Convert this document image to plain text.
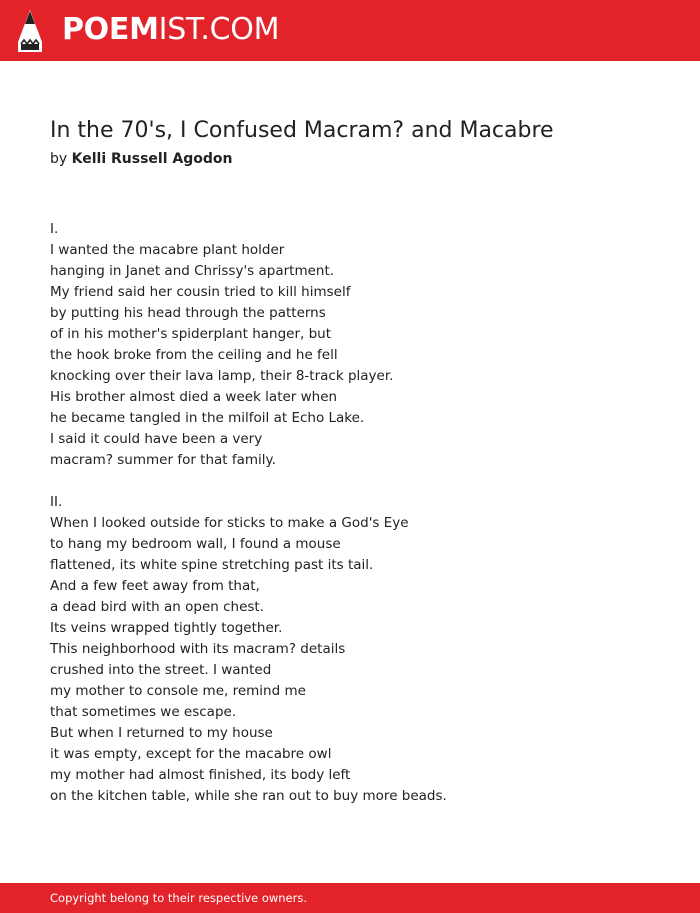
POEMIST.COM
In the 70's, I Confused Macram? and Macabre
by Kelli Russell Agodon
I.
I wanted the macabre plant holder
hanging in Janet and Chrissy's apartment.
My friend said her cousin tried to kill himself
by putting his head through the patterns
of in his mother's spiderplant hanger, but
the hook broke from the ceiling and he fell
knocking over their lava lamp, their 8-track player.
His brother almost died a week later when
he became tangled in the milfoil at Echo Lake.
I said it could have been a very
macram? summer for that family.
II.
When I looked outside for sticks to make a God's Eye
to hang my bedroom wall, I found a mouse
flattened, its white spine stretching past its tail.
And a few feet away from that,
a dead bird with an open chest.
Its veins wrapped tightly together.
This neighborhood with its macram? details
crushed into the street. I wanted
my mother to console me, remind me
that sometimes we escape.
But when I returned to my house
it was empty, except for the macabre owl
my mother had almost finished, its body left
on the kitchen table, while she ran out to buy more beads.
Copyright belong to their respective owners.
